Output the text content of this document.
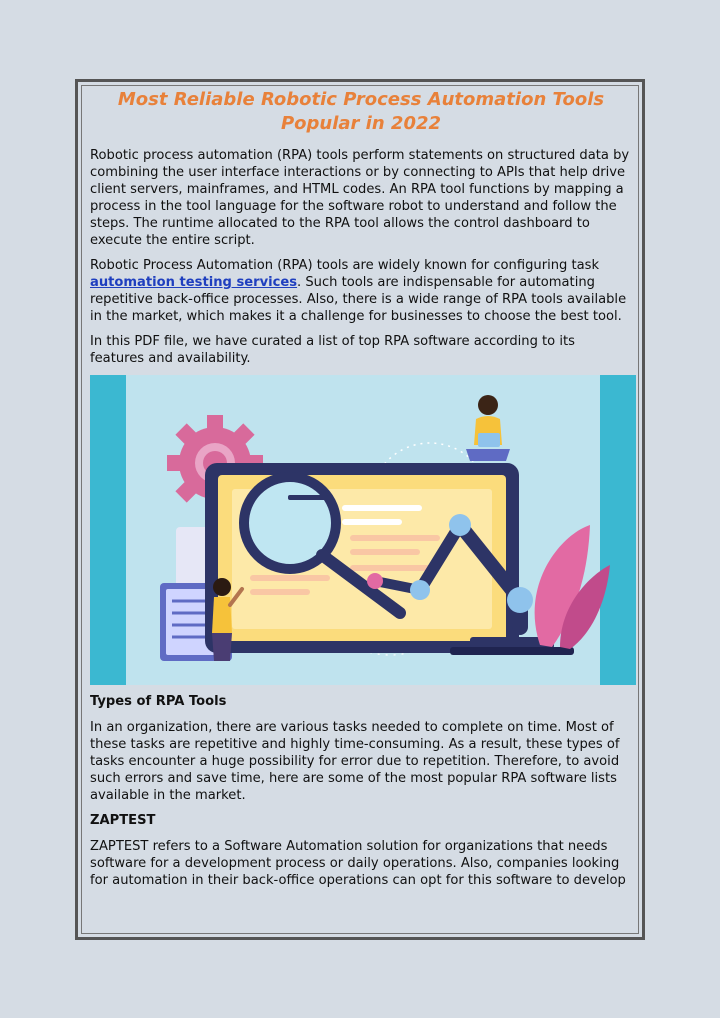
Most Reliable Robotic Process Automation Tools Popular in 2022

Robotic process automation (RPA) tools perform statements on structured data by combining the user interface interactions or by connecting to APIs that help drive client servers, mainframes, and HTML codes. An RPA tool functions by mapping a process in the tool language for the software robot to understand and follow the steps. The runtime allocated to the RPA tool allows the control dashboard to execute the entire script.

Robotic Process Automation (RPA) tools are widely known for configuring task automation testing services. Such tools are indispensable for automating repetitive back-office processes. Also, there is a wide range of RPA tools available in the market, which makes it a challenge for businesses to choose the best tool.

In this PDF file, we have curated a list of top RPA software according to its features and availability.

Types of RPA Tools

In an organization, there are various tasks needed to complete on time. Most of these tasks are repetitive and highly time-consuming. As a result, these types of tasks encounter a huge possibility for error due to repetition. Therefore, to avoid such errors and save time, here are some of the most popular RPA software lists available in the market.

ZAPTEST

ZAPTEST refers to a Software Automation solution for organizations that needs software for a development process or daily operations. Also, companies looking for automation in their back-office operations can opt for this software to develop
